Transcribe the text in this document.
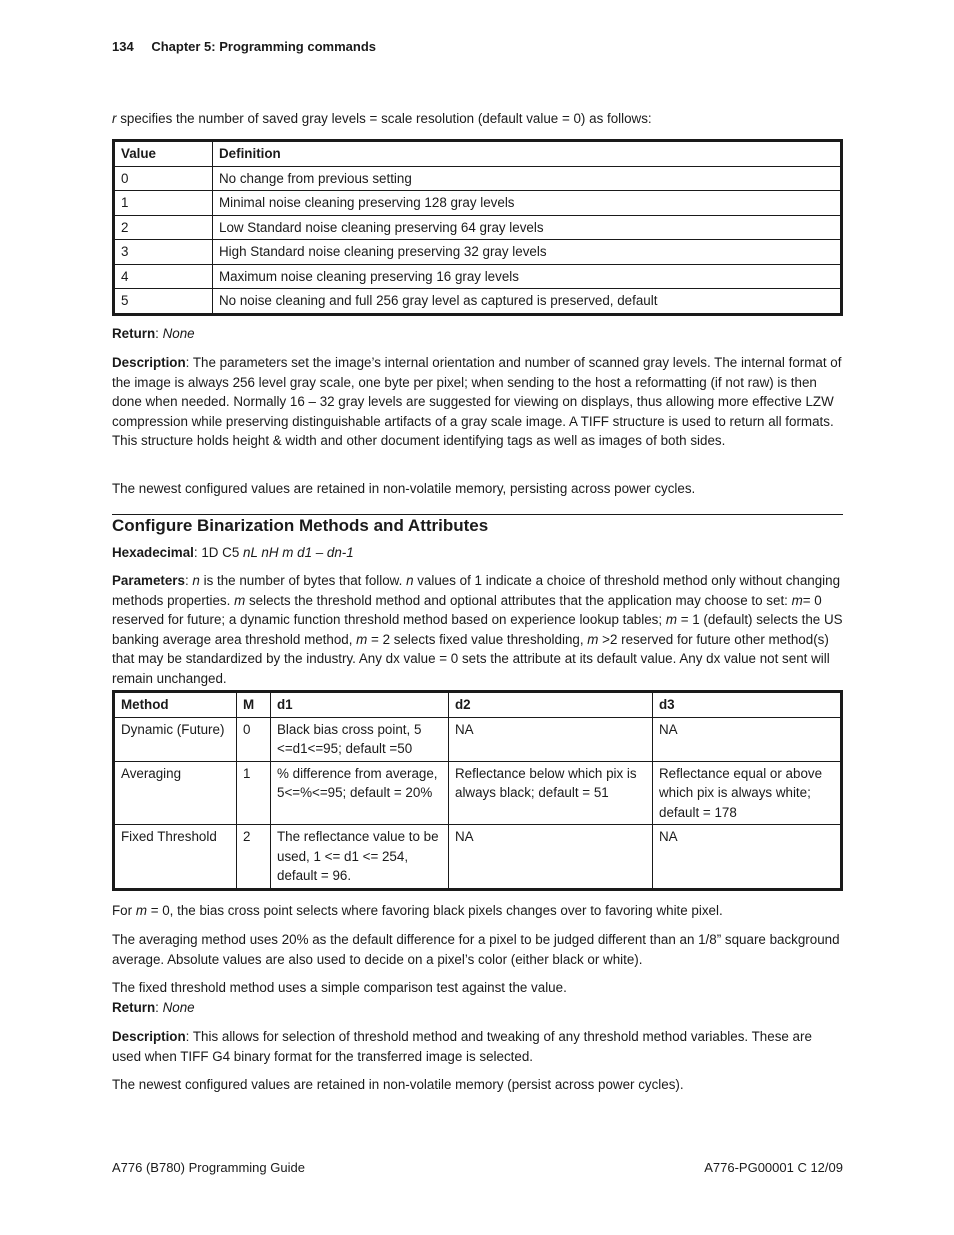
134 Chapter 5: Programming commands

r specifies the number of saved gray levels = scale resolution (default value = 0) as follows:

Value	Definition
0	No change from previous setting
1	Minimal noise cleaning preserving 128 gray levels
2	Low Standard noise cleaning preserving 64 gray levels
3	High Standard noise cleaning preserving 32 gray levels
4	Maximum noise cleaning preserving 16 gray levels
5	No noise cleaning and full 256 gray level as captured is preserved, default

Return: None

Description: The parameters set the image’s internal orientation and number of scanned gray levels. The internal format of the image is always 256 level gray scale, one byte per pixel; when sending to the host a reformatting (if not raw) is then done when needed. Normally 16 – 32 gray levels are suggested for viewing on displays, thus allowing more effective LZW compression while preserving distinguishable artifacts of a gray scale image. A TIFF structure is used to return all formats. This structure holds height & width and other document identifying tags as well as images of both sides.

The newest configured values are retained in non-volatile memory, persisting across power cycles.

Configure Binarization Methods and Attributes

Hexadecimal: 1D C5 nL nH m d1 – dn-1

Parameters: n is the number of bytes that follow. n values of 1 indicate a choice of threshold method only without changing methods properties. m selects the threshold method and optional attributes that the application may choose to set: m= 0 reserved for future; a dynamic function threshold method based on experience lookup tables; m = 1 (default) selects the US banking average area threshold method, m = 2 selects fixed value thresholding, m >2 reserved for future other method(s) that may be standardized by the industry. Any dx value = 0 sets the attribute at its default value. Any dx value not sent will remain unchanged.

Method	M	d1	d2	d3
Dynamic (Future)	0	Black bias cross point, 5 <=d1<=95; default =50	NA	NA
Averaging	1	% difference from average, 5<=%<=95; default = 20%	Reflectance below which pix is always black; default = 51	Reflectance equal or above which pix is always white; default = 178
Fixed Threshold	2	The reflectance value to be used, 1 <= d1 <= 254, default = 96.	NA	NA

For m = 0, the bias cross point selects where favoring black pixels changes over to favoring white pixel.

The averaging method uses 20% as the default difference for a pixel to be judged different than an 1/8” square background average. Absolute values are also used to decide on a pixel’s color (either black or white).

The fixed threshold method uses a simple comparison test against the value.

Return: None

Description: This allows for selection of threshold method and tweaking of any threshold method variables. These are used when TIFF G4 binary format for the transferred image is selected.

The newest configured values are retained in non-volatile memory (persist across power cycles).

A776 (B780) Programming Guide	A776-PG00001 C 12/09
